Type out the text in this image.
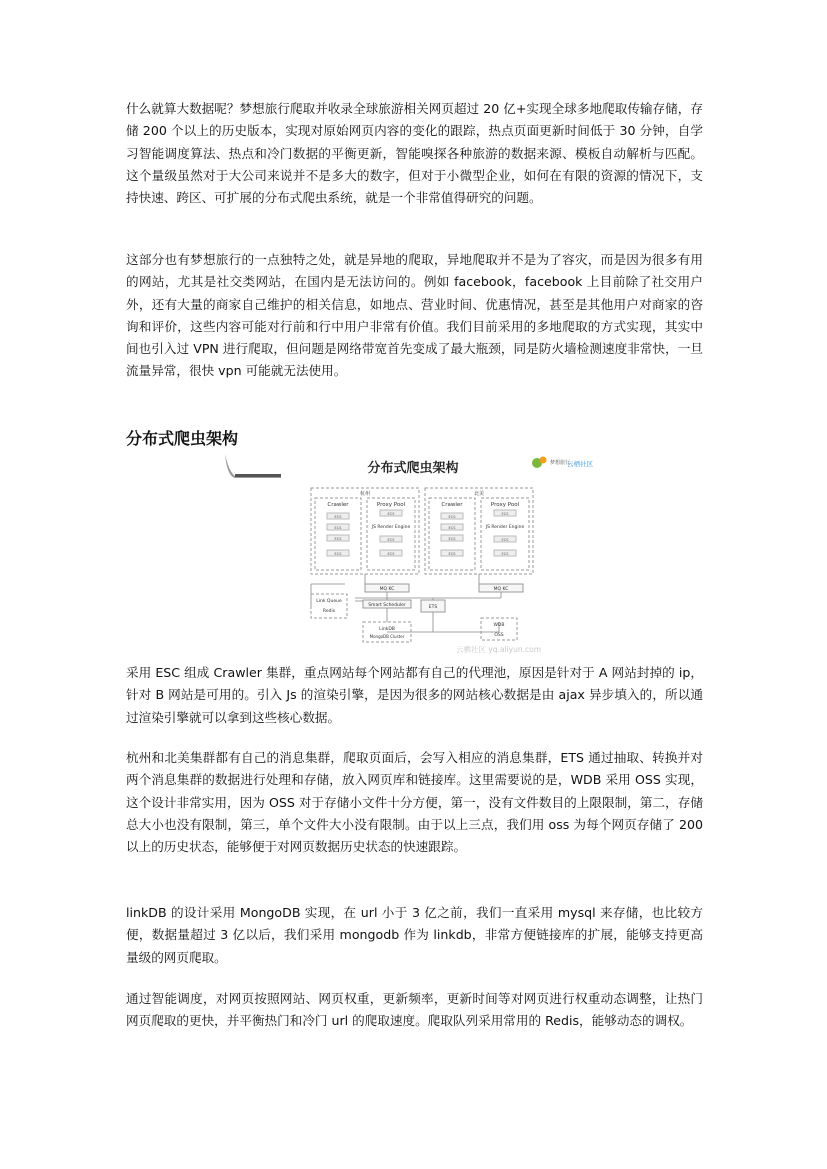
什么就算大数据呢？梦想旅行爬取并收录全球旅游相关网页超过 20 亿+实现全球多地爬取传输存储，存储 200 个以上的历史版本，实现对原始网页内容的变化的跟踪，热点页面更新时间低于 30 分钟，自学习智能调度算法、热点和冷门数据的平衡更新，智能嗅探各种旅游的数据来源、模板自动解析与匹配。这个量级虽然对于大公司来说并不是多大的数字，但对于小微型企业，如何在有限的资源的情况下，支持快速、跨区、可扩展的分布式爬虫系统，就是一个非常值得研究的问题。

这部分也有梦想旅行的一点独特之处，就是异地的爬取，异地爬取并不是为了容灾，而是因为很多有用的网站，尤其是社交类网站，在国内是无法访问的。例如 facebook，facebook 上目前除了社交用户外，还有大量的商家自己维护的相关信息，如地点、营业时间、优惠情况，甚至是其他用户对商家的咨询和评价，这些内容可能对行前和行中用户非常有价值。我们目前采用的多地爬取的方式实现，其实中间也引入过 VPN 进行爬取，但问题是网络带宽首先变成了最大瓶颈，同是防火墙检测速度非常快，一旦流量异常，很快 vpn 可能就无法使用。

分布式爬虫架构
分布式爬虫架构	梦想旅行
云栖社区
杭州
Crawler
ECS
ECS
ECS
ECS
Proxy Pool
ECS
JS Render Engine
ECS
ECS
北美
Crawler
ECS
ECS
ECS
ECS
Proxy Pool
ECS
JS Render Engine
ECS
ECS
MQ KC	MQ KC
Link Queue
Redis
Smart Scheduler	ETS
LinkDB
MongoDB Cluster
WDB
OSS
云栖社区 yq.aliyun.com

采用 ESC 组成 Crawler 集群，重点网站每个网站都有自己的代理池，原因是针对于 A 网站封掉的 ip，针对 B 网站是可用的。引入 Js 的渲染引擎，是因为很多的网站核心数据是由 ajax 异步填入的，所以通过渲染引擎就可以拿到这些核心数据。

杭州和北美集群都有自己的消息集群，爬取页面后，会写入相应的消息集群，ETS 通过抽取、转换并对两个消息集群的数据进行处理和存储，放入网页库和链接库。这里需要说的是，WDB 采用 OSS 实现，这个设计非常实用，因为 OSS 对于存储小文件十分方便，第一，没有文件数目的上限限制，第二，存储总大小也没有限制，第三，单个文件大小没有限制。由于以上三点，我们用 oss 为每个网页存储了 200 以上的历史状态，能够便于对网页数据历史状态的快速跟踪。

linkDB 的设计采用 MongoDB 实现，在 url 小于 3 亿之前，我们一直采用 mysql 来存储，也比较方便，数据量超过 3 亿以后，我们采用 mongodb 作为 linkdb，非常方便链接库的扩展，能够支持更高量级的网页爬取。

通过智能调度，对网页按照网站、网页权重，更新频率，更新时间等对网页进行权重动态调整，让热门网页爬取的更快，并平衡热门和冷门 url 的爬取速度。爬取队列采用常用的 Redis，能够动态的调权。
